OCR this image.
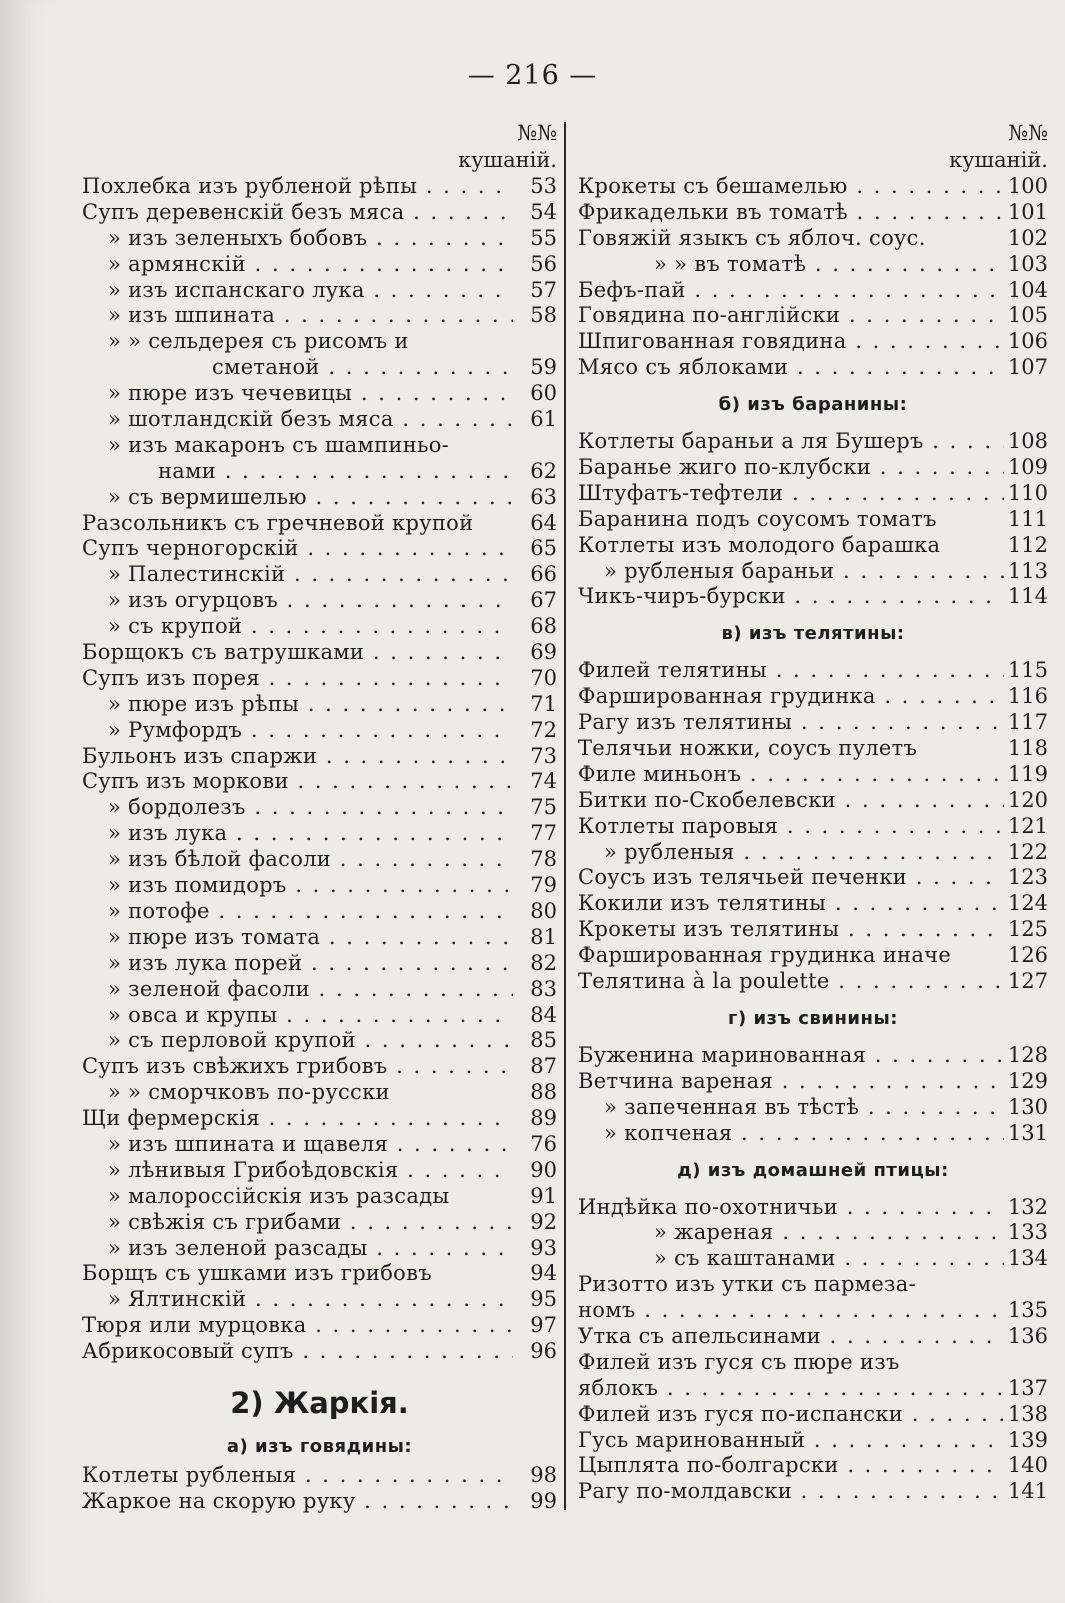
— 216 —
№№
кушаній.
Похлебка изъ рубленой рѣпы . . .	53
Супъ деревенскій безъ мяса . . .	54
» изъ зеленыхъ бобовъ . . .	55
» армянскій . . .	56
» изъ испанскаго лука . . .	57
» изъ шпината . . .	58
» » сельдерея съ рисомъ и
сметаной . . .	59
» пюре изъ чечевицы . . .	60
» шотландскій безъ мяса . . .	61
» изъ макаронъ съ шампиньо-
нами . . .	62
» съ вермишелью . . .	63
Разсольникъ съ гречневой крупой	64
Супъ черногорскій . . .	65
» Палестинскій . . .	66
» изъ огурцовъ . . .	67
» съ крупой . . .	68
Борщокъ съ ватрушками . . .	69
Супъ изъ порея . . .	70
» пюре изъ рѣпы . . .	71
» Румфордъ . . .	72
Бульонъ изъ спаржи . . .	73
Супъ изъ моркови . . .	74
» бордолезъ . . .	75
» изъ лука . . .	77
» изъ бѣлой фасоли . . .	78
» изъ помидоръ . . .	79
» потофе . . .	80
» пюре изъ томата . . .	81
» изъ лука порей . . .	82
» зеленой фасоли . . .	83
» овса и крупы . . .	84
» съ перловой крупой . . .	85
Супъ изъ свѣжихъ грибовъ . . .	87
» » сморчковъ по-русски	88
Щи фермерскія . . .	89
» изъ шпината и щавеля . . .	76
» лѣнивыя Грибоѣдовскія . . .	90
» малороссійскія изъ разсады	91
» свѣжія съ грибами . . .	92
» изъ зеленой разсады . . .	93
Борщъ съ ушками изъ грибовъ	94
» Ялтинскій . . .	95
Тюря или мурцовка . . .	97
Абрикосовый супъ . . .	96
2) Жаркія.
а) изъ говядины:
Котлеты рубленыя . . .	98
Жаркое на скорую руку . . .	99
№№
кушаній.
Крокеты съ бешамелью . . .	100
Фрикадельки въ томатѣ . . .	101
Говяжій языкъ съ яблоч. соус.	102
» » въ томатѣ . . .	103
Бефъ-пай . . .	104
Говядина по-англійски . . .	105
Шпигованная говядина . . .	106
Мясо съ яблоками . . .	107
б) изъ баранины:
Котлеты бараньи а ля Бушеръ . . .	108
Баранье жиго по-клубски . . .	109
Штуфатъ-тефтели . . .	110
Баранина подъ соусомъ томатъ	111
Котлеты изъ молодого барашка	112
» рубленыя бараньи . . .	113
Чикъ-чиръ-бурски . . .	114
в) изъ телятины:
Филей телятины . . .	115
Фаршированная грудинка . . .	116
Рагу изъ телятины . . .	117
Телячьи ножки, соусъ пулетъ	118
Филе миньонъ . . .	119
Битки по-Скобелевски . . .	120
Котлеты паровыя . . .	121
» рубленыя . . .	122
Соусъ изъ телячьей печенки . . .	123
Кокили изъ телятины . . .	124
Крокеты изъ телятины . . .	125
Фаршированная грудинка иначе	126
Телятина à la poulette . . .	127
г) изъ свинины:
Буженина маринованная . . .	128
Ветчина вареная . . .	129
» запеченная въ тѣстѣ . . .	130
» копченая . . .	131
д) изъ домашней птицы:
Индѣйка по-охотничьи . . .	132
» жареная . . .	133
» съ каштанами . . .	134
Ризотто изъ утки съ пармеза-
номъ . . .	135
Утка съ апельсинами . . .	136
Филей изъ гуся съ пюре изъ
яблокъ . . .	137
Филей изъ гуся по-испански . . .	138
Гусь маринованный . . .	139
Цыплята по-болгарски . . .	140
Рагу по-молдавски . . .	141
